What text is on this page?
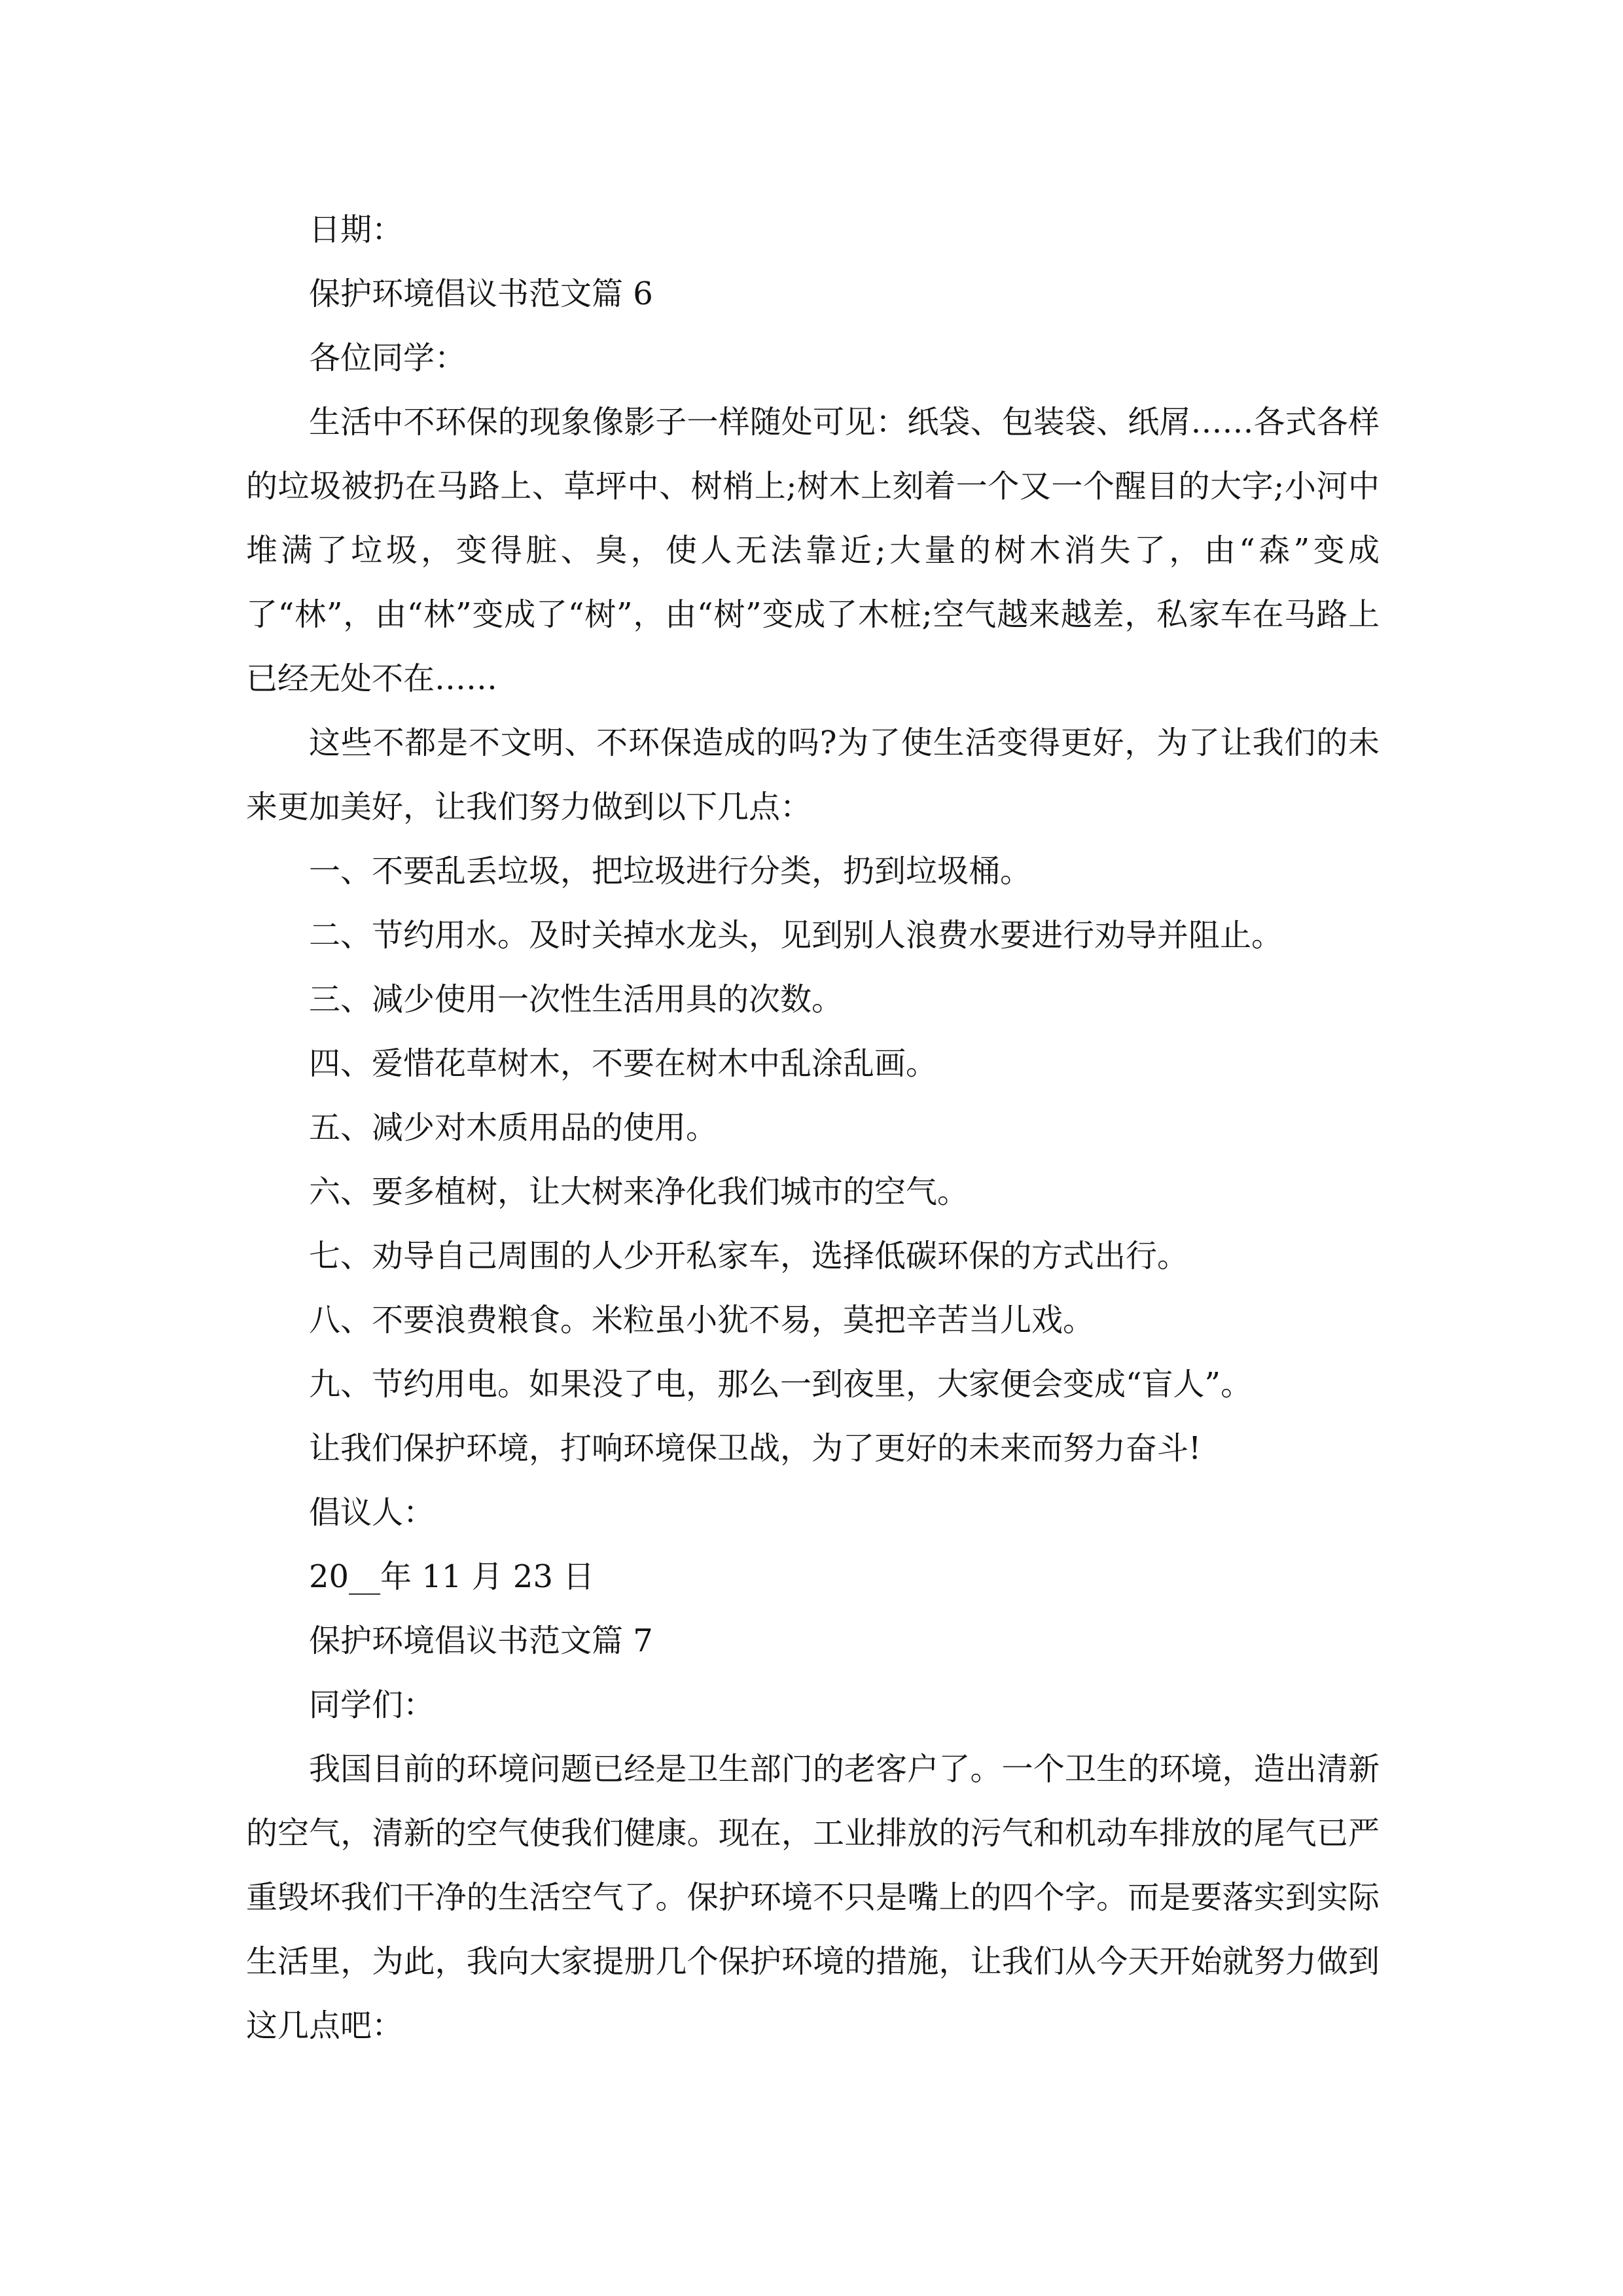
日期：

保护环境倡议书范文篇 6

各位同学：

生活中不环保的现象像影子一样随处可见：纸袋、包装袋、纸屑……各式各样的垃圾被扔在马路上、草坪中、树梢上;树木上刻着一个又一个醒目的大字;小河中堆满了垃圾，变得脏、臭，使人无法靠近;大量的树木消失了，由“森”变成了“林”，由“林”变成了“树”，由“树”变成了木桩;空气越来越差，私家车在马路上已经无处不在……

这些不都是不文明、不环保造成的吗?为了使生活变得更好，为了让我们的未来更加美好，让我们努力做到以下几点：

一、不要乱丢垃圾，把垃圾进行分类，扔到垃圾桶。

二、节约用水。及时关掉水龙头，见到别人浪费水要进行劝导并阻止。

三、减少使用一次性生活用具的次数。

四、爱惜花草树木，不要在树木中乱涂乱画。

五、减少对木质用品的使用。

六、要多植树，让大树来净化我们城市的空气。

七、劝导自己周围的人少开私家车，选择低碳环保的方式出行。

八、不要浪费粮食。米粒虽小犹不易，莫把辛苦当儿戏。

九、节约用电。如果没了电，那么一到夜里，大家便会变成“盲人”。

让我们保护环境，打响环境保卫战，为了更好的未来而努力奋斗!

倡议人：

20__年 11 月 23 日

保护环境倡议书范文篇 7

同学们：

我国目前的环境问题已经是卫生部门的老客户了。一个卫生的环境，造出清新的空气，清新的空气使我们健康。现在，工业排放的污气和机动车排放的尾气已严重毁坏我们干净的生活空气了。保护环境不只是嘴上的四个字。而是要落实到实际生活里，为此，我向大家提册几个保护环境的措施，让我们从今天开始就努力做到这几点吧：
